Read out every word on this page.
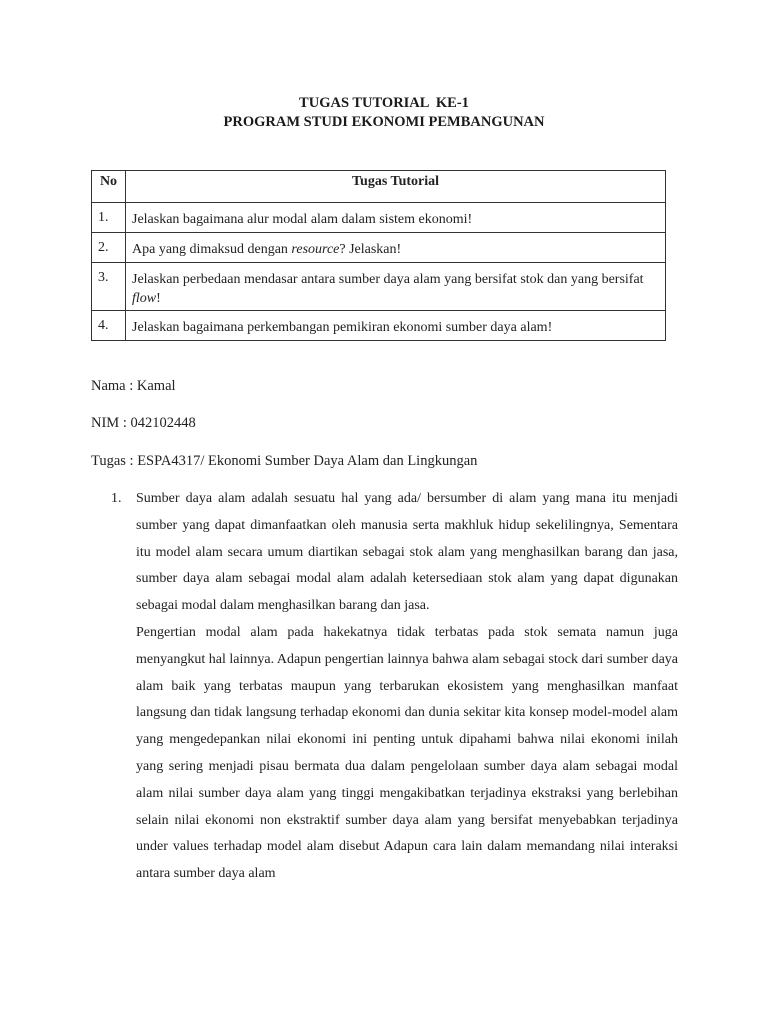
TUGAS TUTORIAL  KE-1
PROGRAM STUDI EKONOMI PEMBANGUNAN
No	Tugas Tutorial
1.	Jelaskan bagaimana alur modal alam dalam sistem ekonomi!
2.	Apa yang dimaksud dengan resource? Jelaskan!
3.	Jelaskan perbedaan mendasar antara sumber daya alam yang bersifat stok dan yang bersifat flow!
4.	Jelaskan bagaimana perkembangan pemikiran ekonomi sumber daya alam!
Nama : Kamal
NIM : 042102448
Tugas : ESPA4317/ Ekonomi Sumber Daya Alam dan Lingkungan
1.	Sumber daya alam adalah sesuatu hal yang ada/ bersumber di alam yang mana itu menjadi sumber yang dapat dimanfaatkan oleh manusia serta makhluk hidup sekelilingnya, Sementara itu model alam secara umum diartikan sebagai stok alam yang menghasilkan barang dan jasa, sumber daya alam sebagai modal alam adalah ketersediaan stok alam yang dapat digunakan sebagai modal dalam menghasilkan barang dan jasa.

Pengertian modal alam pada hakekatnya tidak terbatas pada stok semata namun juga menyangkut hal lainnya. Adapun pengertian lainnya bahwa alam sebagai stock dari sumber daya alam baik yang terbatas maupun yang terbarukan ekosistem yang menghasilkan manfaat langsung dan tidak langsung terhadap ekonomi dan dunia sekitar kita konsep model-model alam yang mengedepankan nilai ekonomi ini penting untuk dipahami bahwa nilai ekonomi inilah yang sering menjadi pisau bermata dua dalam pengelolaan sumber daya alam sebagai modal alam nilai sumber daya alam yang tinggi mengakibatkan terjadinya ekstraksi yang berlebihan selain nilai ekonomi non ekstraktif sumber daya alam yang bersifat menyebabkan terjadinya under values terhadap model alam disebut Adapun cara lain dalam memandang nilai interaksi antara sumber daya alam
